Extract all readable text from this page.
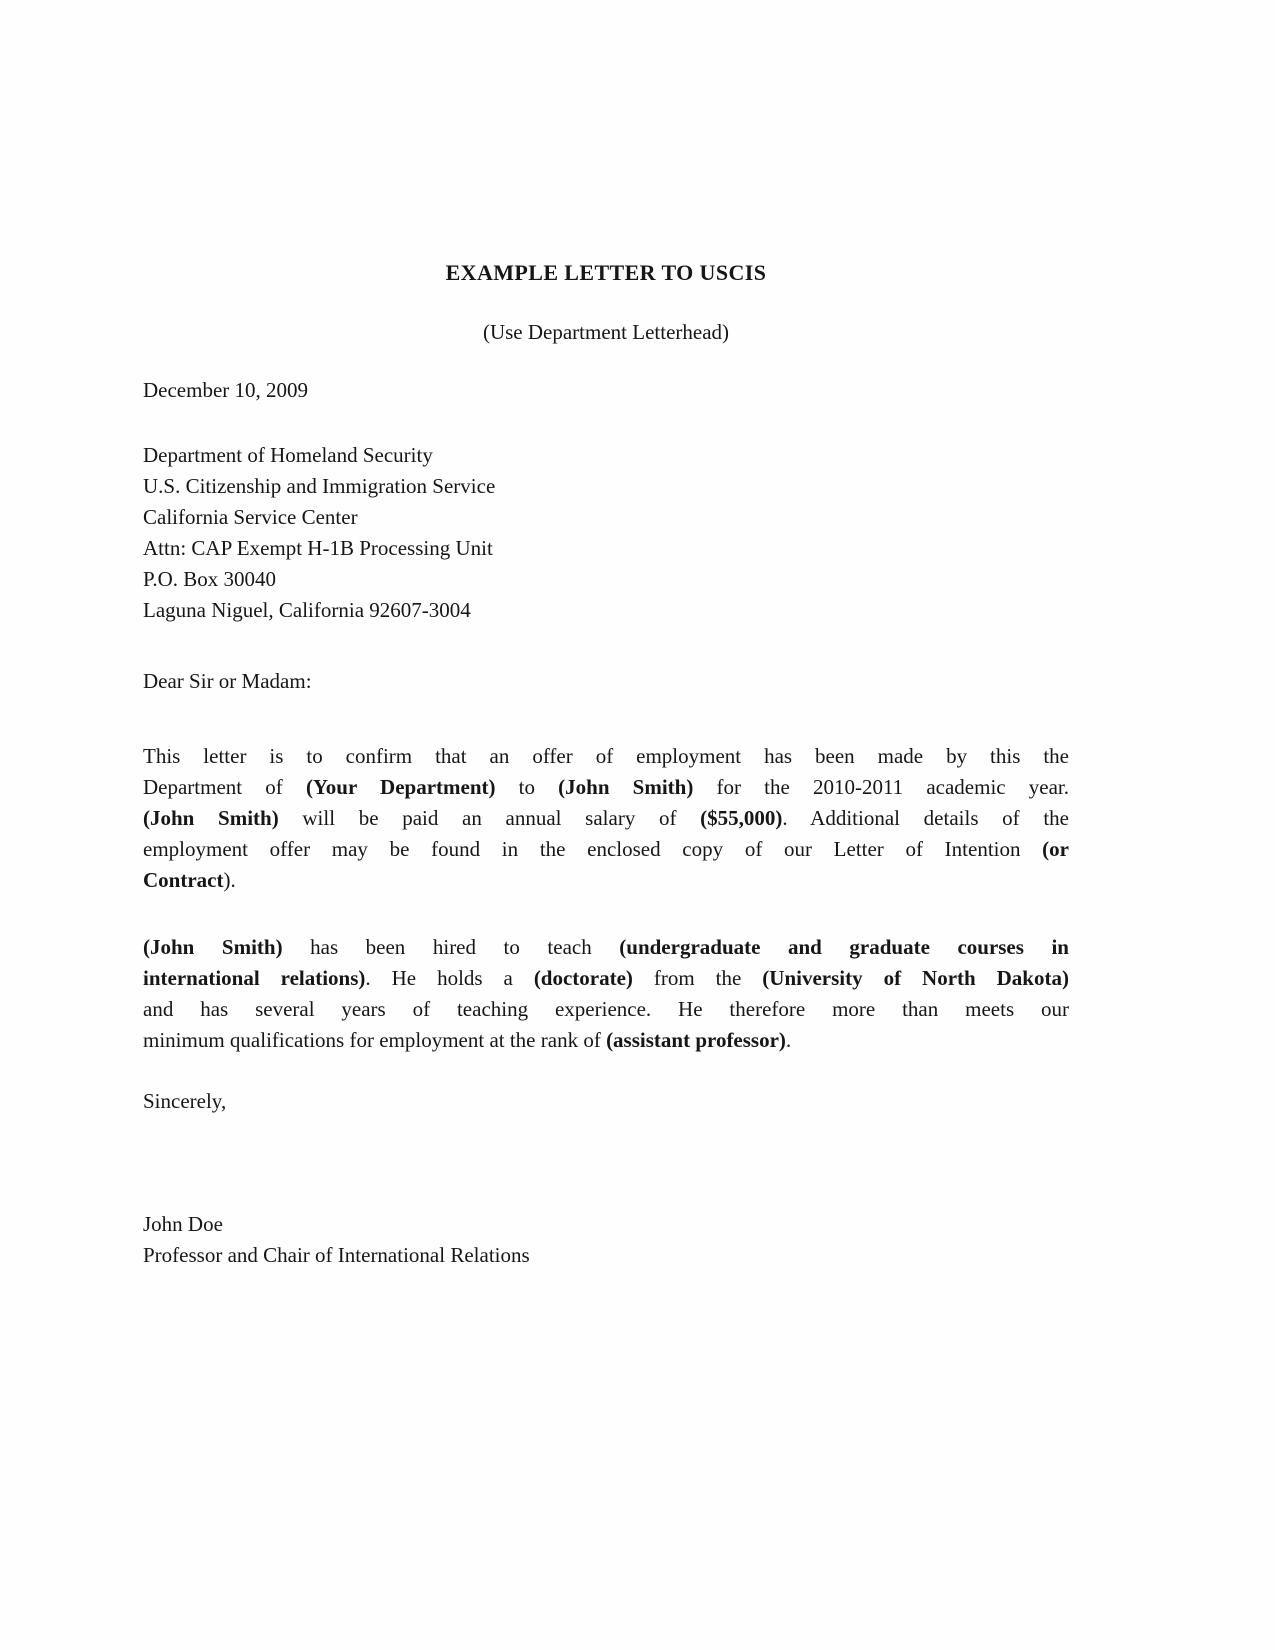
EXAMPLE LETTER TO USCIS
(Use Department Letterhead)
December 10, 2009
Department of Homeland Security
U.S. Citizenship and Immigration Service
California Service Center
Attn: CAP Exempt H-1B Processing Unit
P.O. Box 30040
Laguna Niguel, California 92607-3004
Dear Sir or Madam:
This letter is to confirm that an offer of employment has been made by this the
Department of (Your Department) to (John Smith) for the 2010-2011 academic year.
(John Smith) will be paid an annual salary of ($55,000). Additional details of the
employment offer may be found in the enclosed copy of our Letter of Intention (or
Contract).
(John Smith) has been hired to teach (undergraduate and graduate courses in
international relations). He holds a (doctorate) from the (University of North Dakota)
and has several years of teaching experience. He therefore more than meets our
minimum qualifications for employment at the rank of (assistant professor).
Sincerely,
John Doe
Professor and Chair of International Relations
